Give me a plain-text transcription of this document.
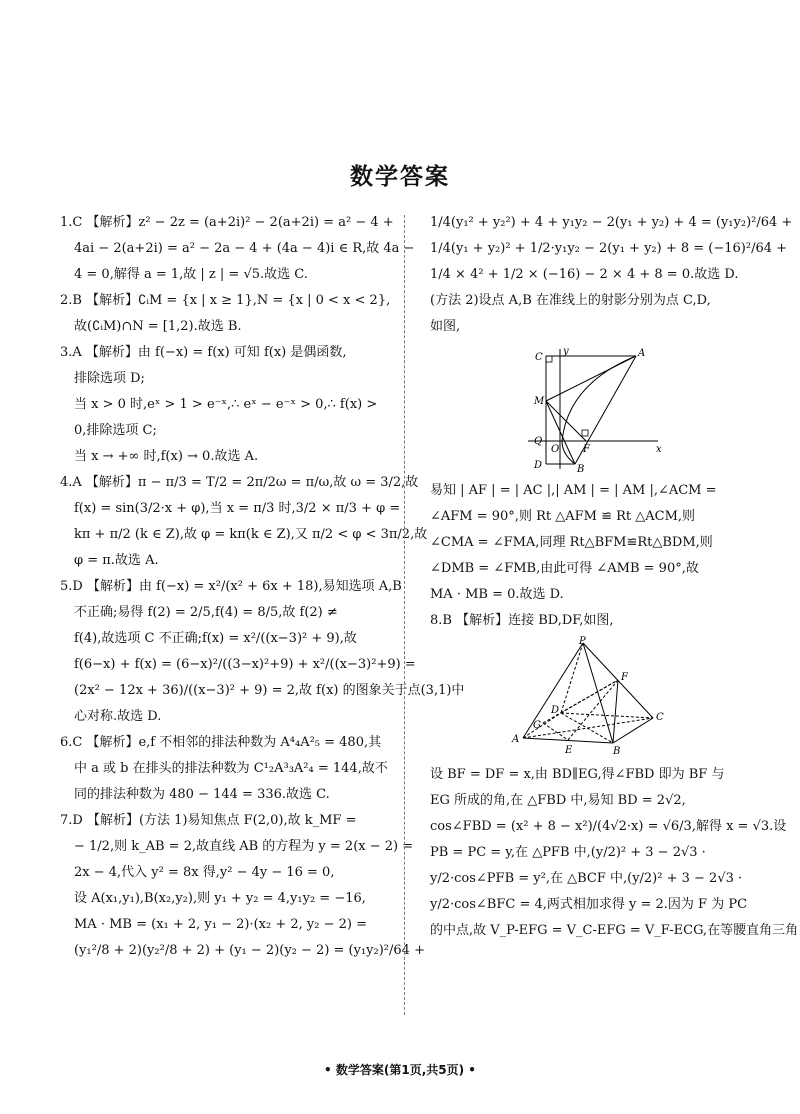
数学答案
1.C 【解析】z² − 2z = (a+2i)² − 2(a+2i) = a² − 4 +
4ai − 2(a+2i) = a² − 2a − 4 + (4a − 4)i ∈ R,故 4a −
4 = 0,解得 a = 1,故 | z | = √5.故选 C.
2.B 【解析】∁ᵢM = {x | x ≥ 1},N = {x | 0 < x < 2},
故(∁ᵢM)∩N = [1,2).故选 B.
3.A 【解析】由 f(−x) = f(x) 可知 f(x) 是偶函数,
排除选项 D;
当 x > 0 时,eˣ > 1 > e⁻ˣ,∴ eˣ − e⁻ˣ > 0,∴ f(x) >
0,排除选项 C;
当 x → +∞ 时,f(x) → 0.故选 A.
4.A 【解析】π − π/3 = T/2 = 2π/2ω = π/ω,故 ω = 3/2,故
f(x) = sin(3/2·x + φ),当 x = π/3 时,3/2 × π/3 + φ =
kπ + π/2 (k ∈ Z),故 φ = kπ(k ∈ Z),又 π/2 < φ < 3π/2,故
φ = π.故选 A.
5.D 【解析】由 f(−x) = x²/(x² + 6x + 18),易知选项 A,B
不正确;易得 f(2) = 2/5,f(4) = 8/5,故 f(2) ≠
f(4),故选项 C 不正确;f(x) = x²/((x−3)² + 9),故
f(6−x) + f(x) = (6−x)²/((3−x)²+9) + x²/((x−3)²+9) =
(2x² − 12x + 36)/((x−3)² + 9) = 2,故 f(x) 的图象关于点(3,1)中
心对称.故选 D.
6.C 【解析】e,f 不相邻的排法种数为 A⁴₄A²₅ = 480,其
中 a 或 b 在排头的排法种数为 C¹₂A³₃A²₄ = 144,故不
同的排法种数为 480 − 144 = 336.故选 C.
7.D 【解析】(方法 1)易知焦点 F(2,0),故 k_MF =
− 1/2,则 k_AB = 2,故直线 AB 的方程为 y = 2(x − 2) =
2x − 4,代入 y² = 8x 得,y² − 4y − 16 = 0,
设 A(x₁,y₁),B(x₂,y₂),则 y₁ + y₂ = 4,y₁y₂ = −16,
MA · MB = (x₁ + 2, y₁ − 2)·(x₂ + 2, y₂ − 2) =
(y₁²/8 + 2)(y₂²/8 + 2) + (y₁ − 2)(y₂ − 2) = (y₁y₂)²/64 +
1/4(y₁² + y₂²) + 4 + y₁y₂ − 2(y₁ + y₂) + 4 = (y₁y₂)²/64 +
1/4(y₁ + y₂)² + 1/2·y₁y₂ − 2(y₁ + y₂) + 8 = (−16)²/64 +
1/4 × 4² + 1/2 × (−16) − 2 × 4 + 8 = 0.故选 D.
(方法 2)设点 A,B 在准线上的射影分别为点 C,D,
如图,
C
y	A
M
Q
O F	x
D	B
易知 | AF | = | AC |,| AM | = | AM |,∠ACM =
∠AFM = 90°,则 Rt △AFM ≌ Rt △ACM,则
∠CMA = ∠FMA,同理 Rt△BFM≌Rt△BDM,则
∠DMB = ∠FMB,由此可得 ∠AMB = 90°,故
MA · MB = 0.故选 D.
8.B 【解析】连接 BD,DF,如图,
P
F
D
C
A
G
E	B
设 BF = DF = x,由 BD∥EG,得∠FBD 即为 BF 与
EG 所成的角,在 △FBD 中,易知 BD = 2√2,
cos∠FBD = (x² + 8 − x²)/(4√2·x) = √6/3,解得 x = √3.设
PB = PC = y,在 △PFB 中,(y/2)² + 3 − 2√3 ·
y/2·cos∠PFB = y²,在 △BCF 中,(y/2)² + 3 − 2√3 ·
y/2·cos∠BFC = 4,两式相加求得 y = 2.因为 F 为 PC
的中点,故 V_P-EFG = V_C-EFG = V_F-ECG,在等腰直角三角
• 数学答案(第1页,共5页) •
